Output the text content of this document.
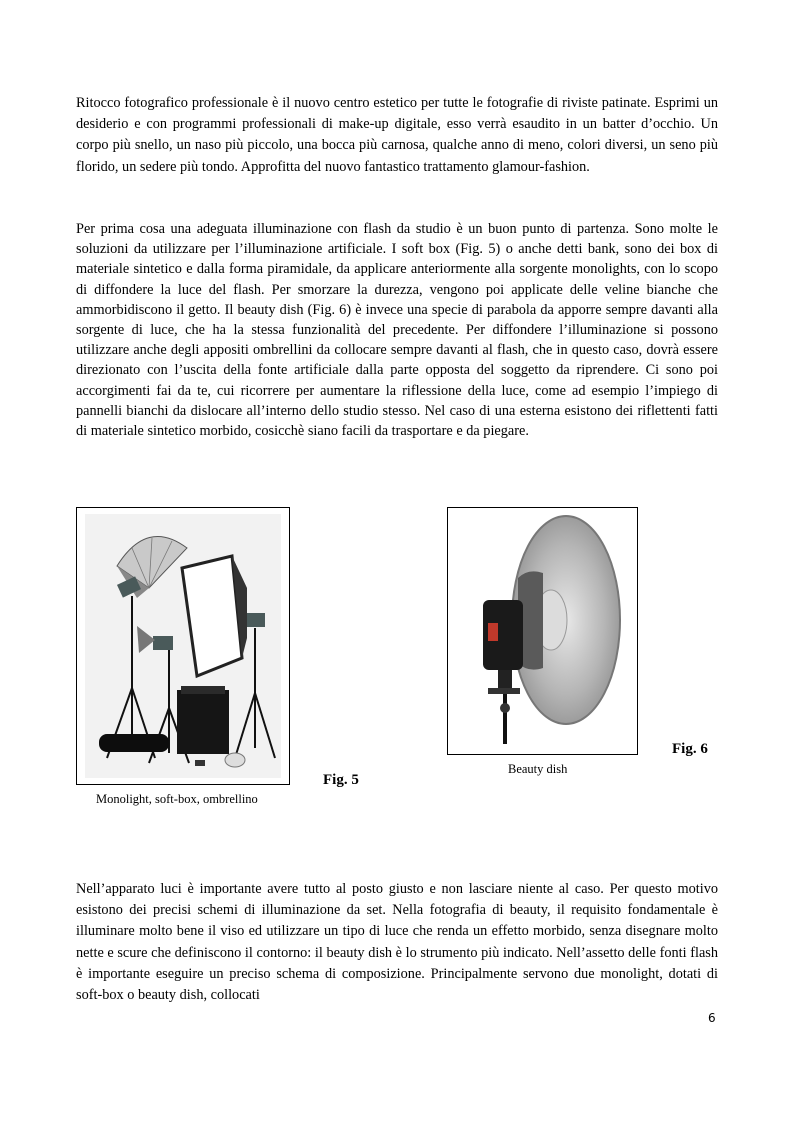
Ritocco fotografico professionale è il nuovo centro estetico per tutte le fotografie di riviste patinate. Esprimi un desiderio e con programmi professionali di make-up digitale, esso verrà esaudito in un batter d’occhio. Un corpo più snello, un naso più piccolo, una bocca più carnosa, qualche anno di meno, colori diversi, un seno più florido, un sedere più tondo. Approfitta del nuovo fantastico trattamento glamour-fashion.

Per prima cosa una adeguata illuminazione con flash da studio è un buon punto di partenza. Sono molte le soluzioni da utilizzare per l’illuminazione artificiale. I soft box (Fig. 5) o anche detti bank, sono dei box di materiale sintetico e dalla forma piramidale, da applicare anteriormente alla sorgente monolights, con lo scopo di diffondere la luce del flash. Per smorzare la durezza, vengono poi applicate delle veline bianche che ammorbidiscono il getto. Il beauty dish (Fig. 6) è invece una specie di parabola da apporre sempre davanti alla sorgente di luce, che ha la stessa funzionalità del precedente. Per diffondere l’illuminazione si possono utilizzare anche degli appositi ombrellini da collocare sempre davanti al flash, che in questo caso, dovrà essere direzionato con l’uscita della fonte artificiale dalla parte opposta del soggetto da riprendere. Ci sono poi accorgimenti fai da te, cui ricorrere per aumentare la riflessione della luce, come ad esempio l’impiego di pannelli bianchi da dislocare all’interno dello studio stesso. Nel caso di una esterna esistono dei riflettenti fatti di materiale sintetico morbido, cosicchè siano facili da trasportare e da piegare.

Fig. 5
Monolight, soft-box, ombrellino
Beauty dish
Fig. 6

Nell’apparato luci è importante avere tutto al posto giusto e non lasciare niente al caso. Per questo motivo esistono dei precisi schemi di illuminazione da set. Nella fotografia di beauty, il requisito fondamentale è illuminare molto bene il viso ed utilizzare un tipo di luce che renda un effetto morbido, senza disegnare molto nette e scure che definiscono il contorno: il beauty dish è lo strumento più indicato. Nell’assetto delle fonti flash è importante eseguire un preciso schema di composizione. Principalmente servono due monolight, dotati di soft-box o beauty dish, collocati

6
